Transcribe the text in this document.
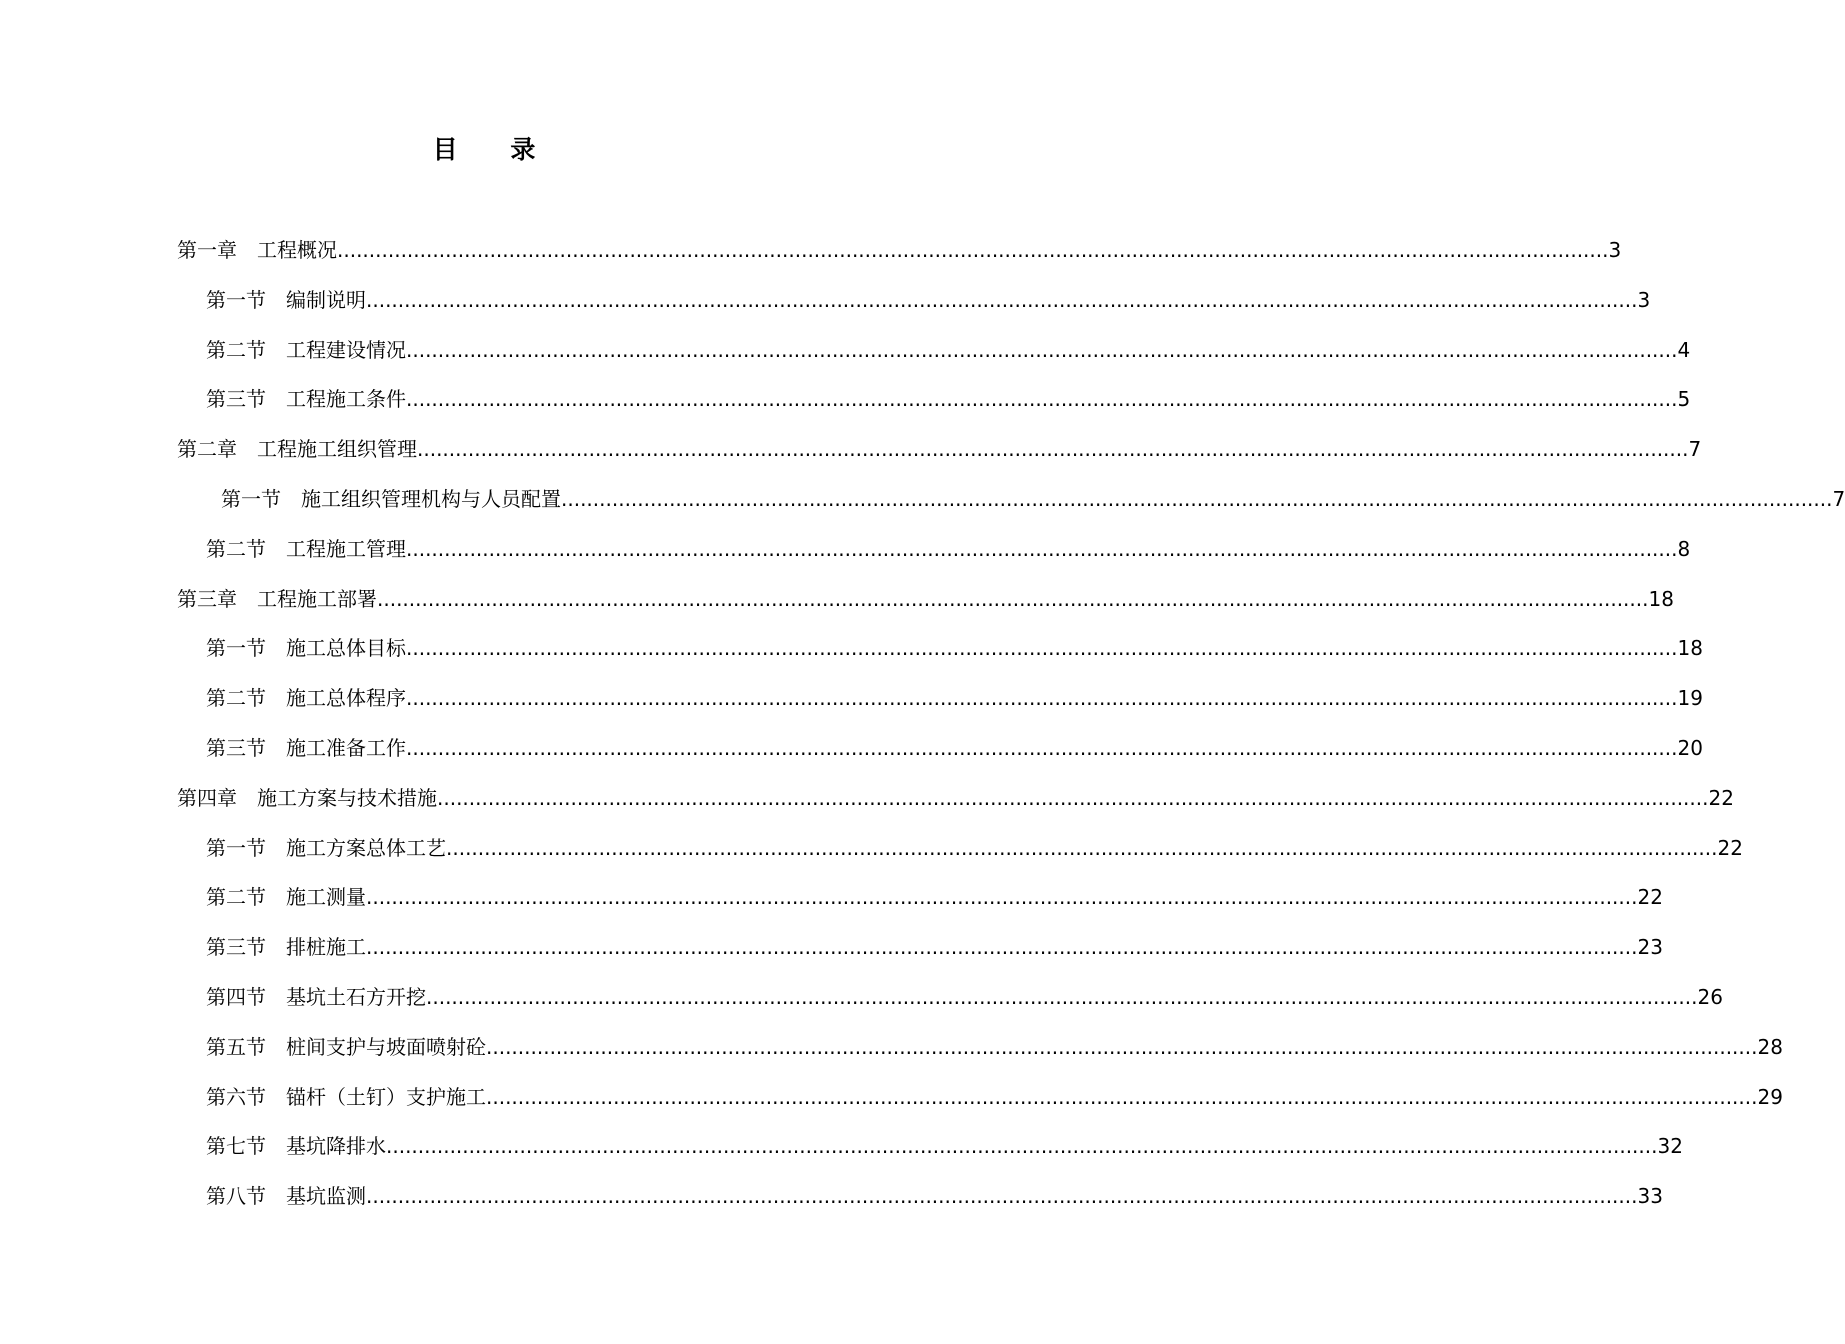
目 录
第一章 工程概况 ........................................................................................................................................................................................................ 3
第一节 编制说明 ........................................................................................................................................................................................................ 3
第二节 工程建设情况 ........................................................................................................................................................................................................ 4
第三节 工程施工条件 ........................................................................................................................................................................................................ 5
第二章 工程施工组织管理 ........................................................................................................................................................................................................ 7
第一节 施工组织管理机构与人员配置 ........................................................................................................................................................................................................ 7
第二节 工程施工管理 ........................................................................................................................................................................................................ 8
第三章 工程施工部署 ........................................................................................................................................................................................................ 18
第一节 施工总体目标 ........................................................................................................................................................................................................ 18
第二节 施工总体程序 ........................................................................................................................................................................................................ 19
第三节 施工准备工作 ........................................................................................................................................................................................................ 20
第四章 施工方案与技术措施 ........................................................................................................................................................................................................ 22
第一节 施工方案总体工艺 ........................................................................................................................................................................................................ 22
第二节 施工测量 ........................................................................................................................................................................................................ 22
第三节 排桩施工 ........................................................................................................................................................................................................ 23
第四节 基坑土石方开挖 ........................................................................................................................................................................................................ 26
第五节 桩间支护与坡面喷射砼 ........................................................................................................................................................................................................ 28
第六节 锚杆（土钉）支护施工 ........................................................................................................................................................................................................ 29
第七节 基坑降排水 ........................................................................................................................................................................................................ 32
第八节 基坑监测 ........................................................................................................................................................................................................ 33
